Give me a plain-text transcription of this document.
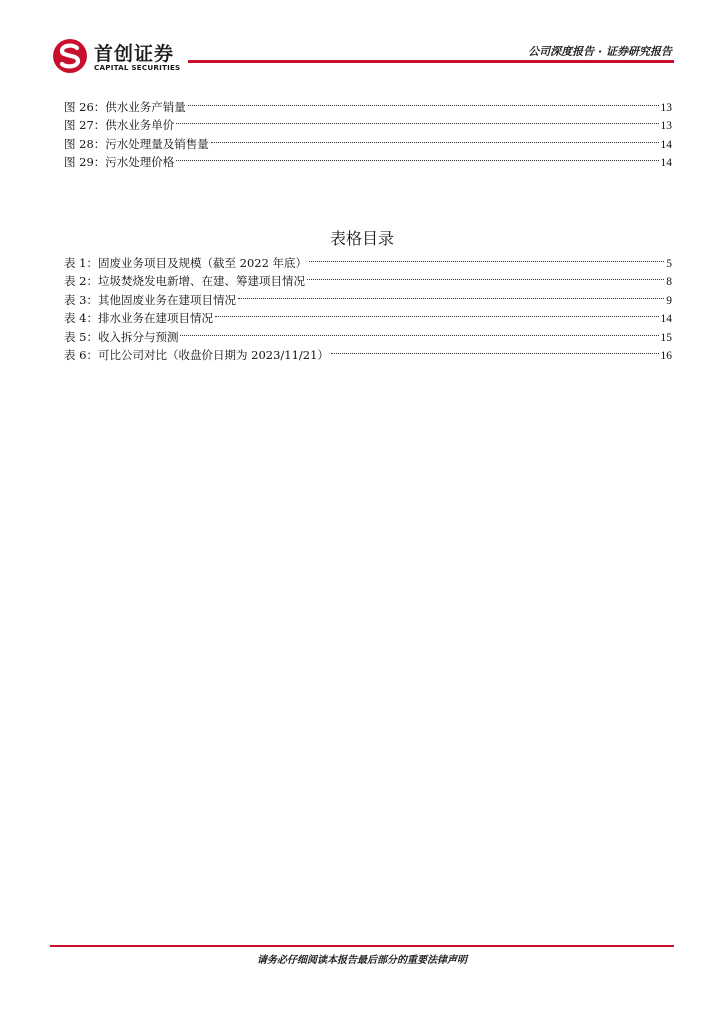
首创证券
CAPITAL SECURITIES
公司深度报告 · 证券研究报告
图 26：供水业务产销量	13
图 27：供水业务单价	13
图 28：污水处理量及销售量	14
图 29：污水处理价格	14
表格目录
表 1：固废业务项目及规模（截至 2022 年底）	5
表 2：垃圾焚烧发电新增、在建、筹建项目情况	8
表 3：其他固废业务在建项目情况	9
表 4：排水业务在建项目情况	14
表 5：收入拆分与预测	15
表 6：可比公司对比（收盘价日期为 2023/11/21）	16
请务必仔细阅读本报告最后部分的重要法律声明
